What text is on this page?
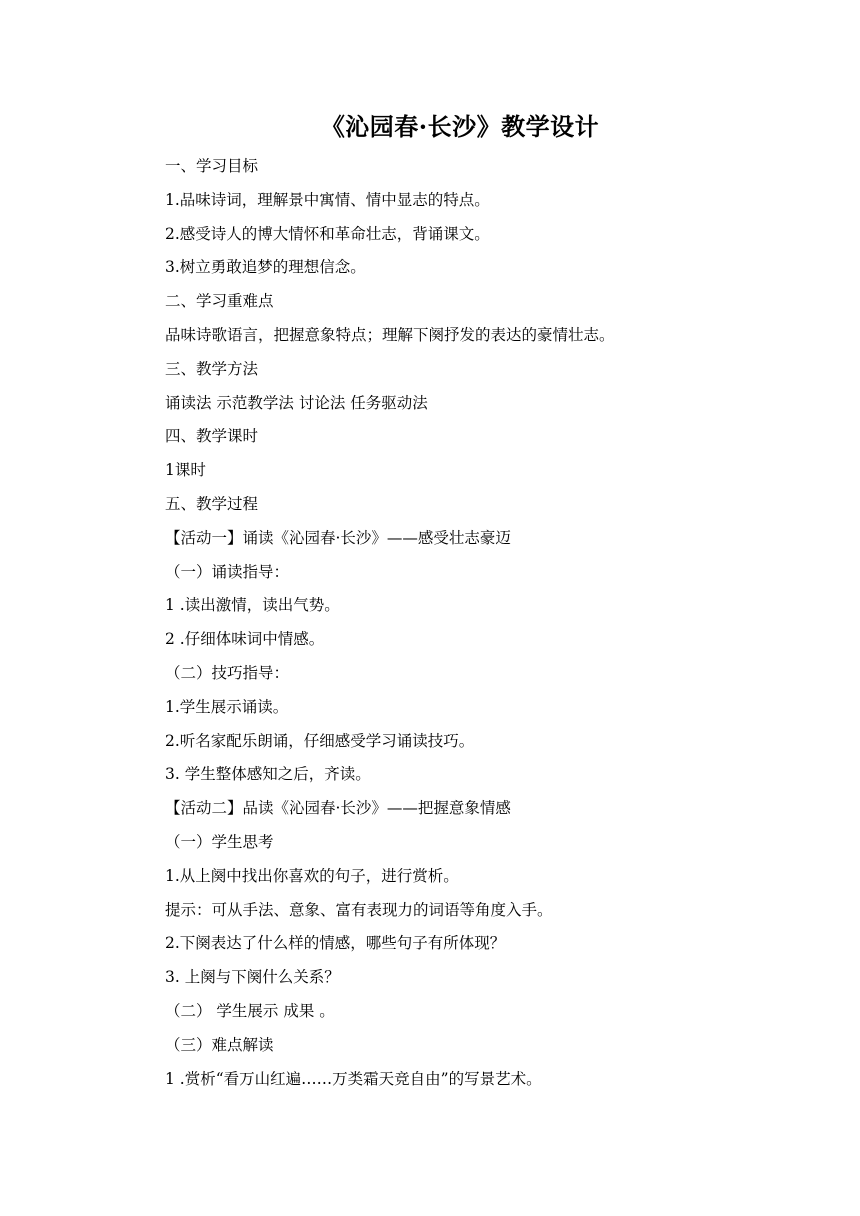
《沁园春·长沙》教学设计
一、学习目标
1.品味诗词，理解景中寓情、情中显志的特点。
2.感受诗人的博大情怀和革命壮志，背诵课文。
3.树立勇敢追梦的理想信念。
二、学习重难点
品味诗歌语言，把握意象特点；理解下阕抒发的表达的豪情壮志。
三、教学方法
诵读法 示范教学法 讨论法 任务驱动法
四、教学课时
1课时
五、教学过程
【活动一】诵读《沁园春·长沙》——感受壮志豪迈
（一）诵读指导：
1 .读出激情，读出气势。
2 .仔细体味词中情感。
（二）技巧指导：
1.学生展示诵读。
2.听名家配乐朗诵，仔细感受学习诵读技巧。
3. 学生整体感知之后，齐读。
【活动二】品读《沁园春·长沙》——把握意象情感
（一）学生思考
1.从上阕中找出你喜欢的句子，进行赏析。
提示：可从手法、意象、富有表现力的词语等角度入手。
2.下阕表达了什么样的情感，哪些句子有所体现？
3. 上阕与下阕什么关系？
（二） 学生展示 成果 。
（三）难点解读
1 .赏析“看万山红遍……万类霜天竞自由”的写景艺术。
